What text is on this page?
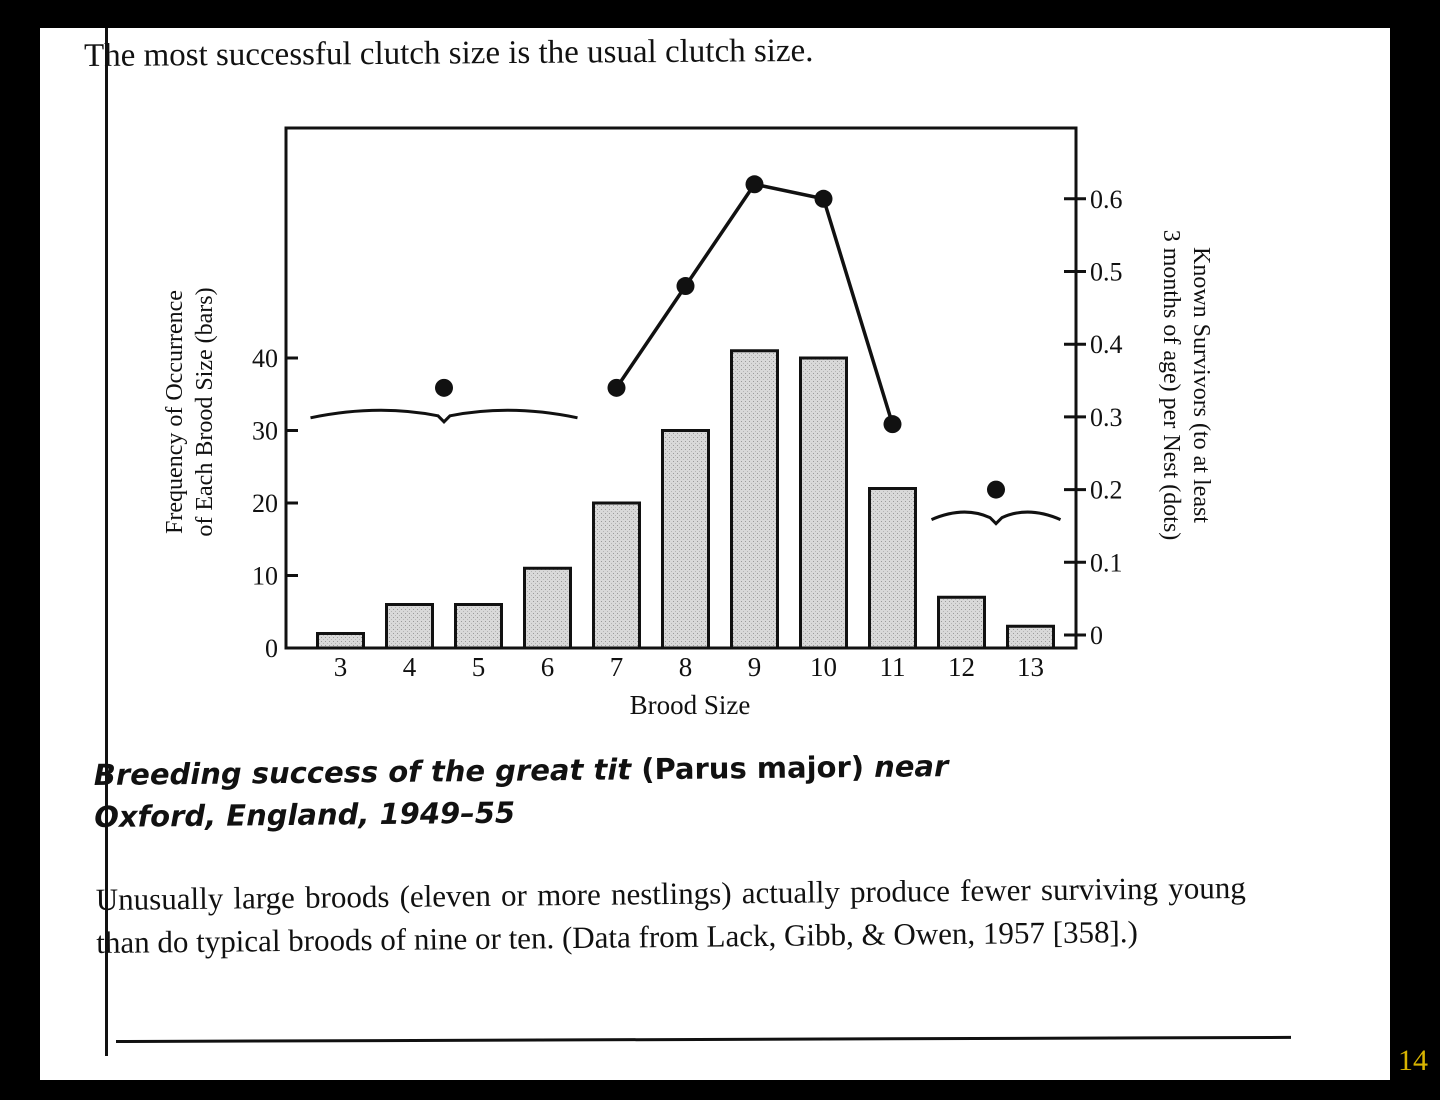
The most successful clutch size is the usual clutch size.
0
10
20
30
40
0
0.1
0.2
0.3
0.4
0.5
0.6
3 4 5 6 7 8 9 10 11 12 13
Brood Size
Frequency of Occurrence of Each Brood Size (bars)	Known Survivors (to at least
3 months of age) per Nest (dots)
Breeding success of the great tit (Parus major) near
Oxford, England, 1949–55
Unusually large broods (eleven or more nestlings) actually produce fewer surviving young than do typical broods of nine or ten. (Data from Lack, Gibb, & Owen, 1957 [358].)
14
